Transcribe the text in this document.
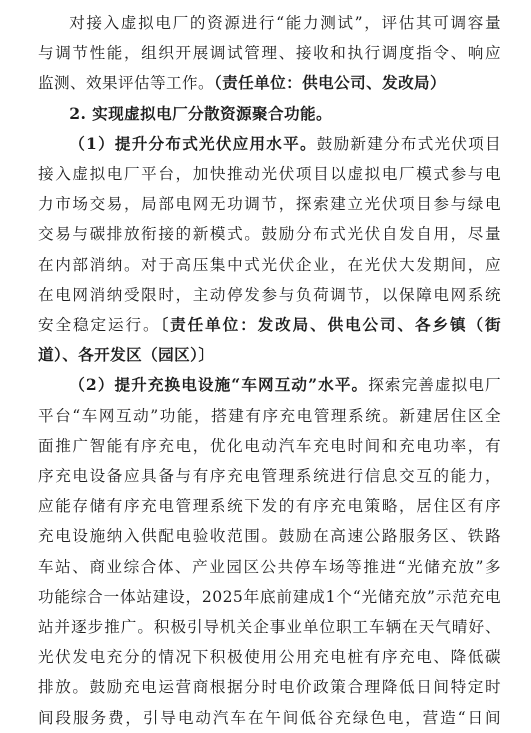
对接入虚拟电厂的资源进行“能力测试”，评估其可调容量
与调节性能，组织开展调试管理、接收和执行调度指令、响应
监测、效果评估等工作。（责任单位：供电公司、发改局）
2. 实现虚拟电厂分散资源聚合功能。
（1）提升分布式光伏应用水平。鼓励新建分布式光伏项目
接入虚拟电厂平台，加快推动光伏项目以虚拟电厂模式参与电
力市场交易，局部电网无功调节，探索建立光伏项目参与绿电
交易与碳排放衔接的新模式。鼓励分布式光伏自发自用，尽量
在内部消纳。对于高压集中式光伏企业，在光伏大发期间，应
在电网消纳受限时，主动停发参与负荷调节，以保障电网系统
安全稳定运行。〔责任单位：发改局、供电公司、各乡镇（街
道）、各开发区（园区）〕
（2）提升充换电设施“车网互动”水平。探索完善虚拟电厂
平台“车网互动”功能，搭建有序充电管理系统。新建居住区全
面推广智能有序充电，优化电动汽车充电时间和充电功率，有
序充电设备应具备与有序充电管理系统进行信息交互的能力，
应能存储有序充电管理系统下发的有序充电策略，居住区有序
充电设施纳入供配电验收范围。鼓励在高速公路服务区、铁路
车站、商业综合体、产业园区公共停车场等推进“光储充放”多
功能综合一体站建设，2025年底前建成1个“光储充放”示范充电
站并逐步推广。积极引导机关企事业单位职工车辆在天气晴好、
光伏发电充分的情况下积极使用公用充电桩有序充电、降低碳
排放。鼓励充电运营商根据分时电价政策合理降低日间特定时
间段服务费，引导电动汽车在午间低谷充绿色电，营造“日间
